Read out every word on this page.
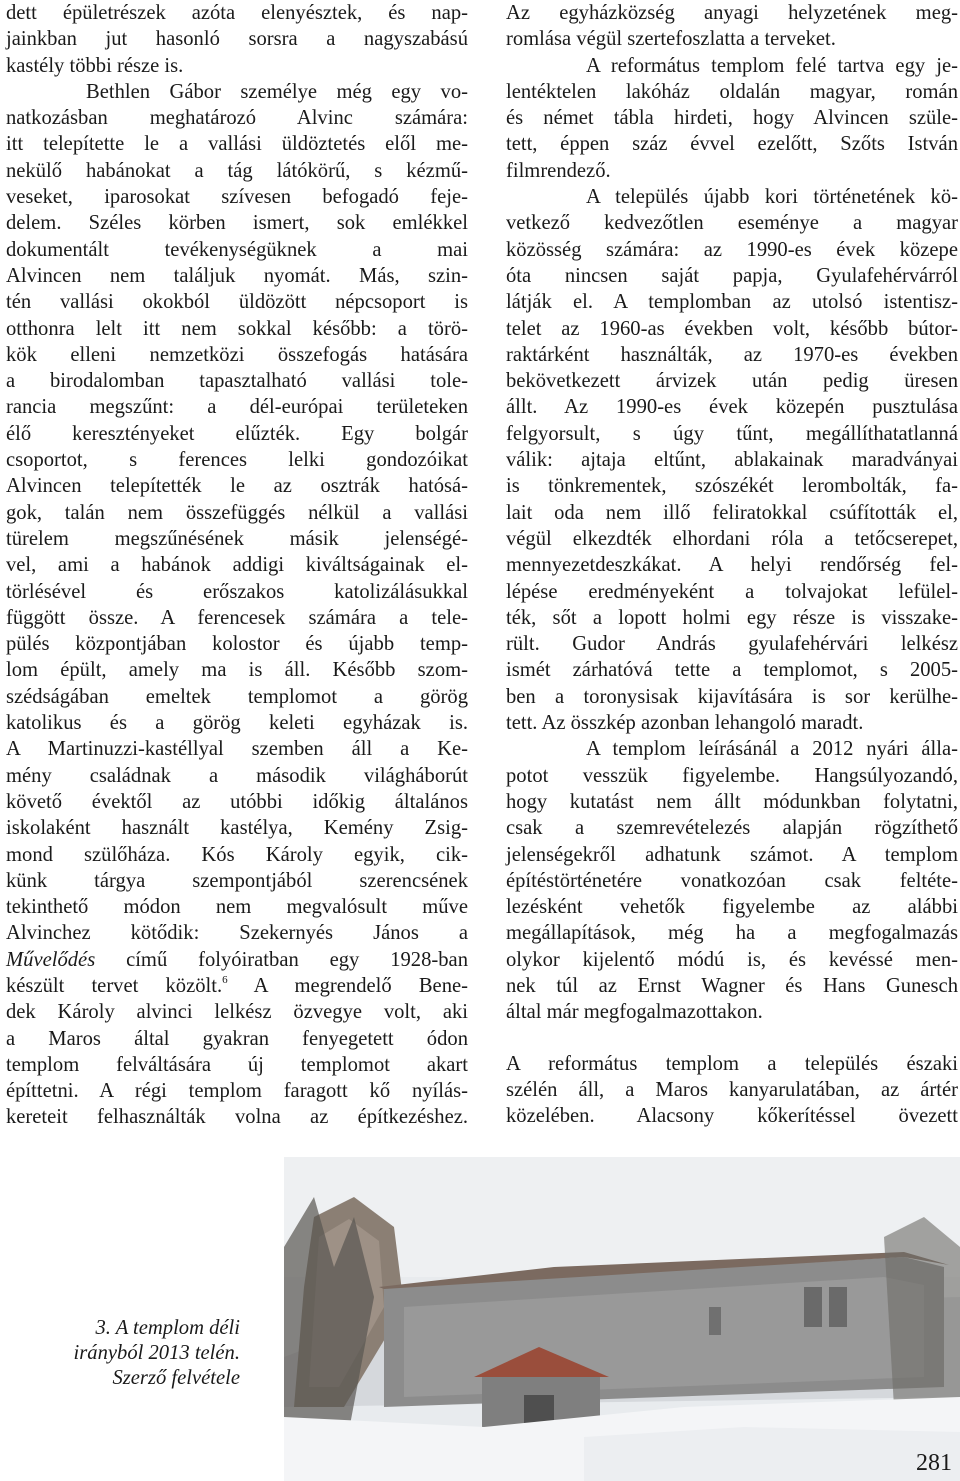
dett épületrészek azóta elenyésztek, és nap-
jainkban jut hasonló sorsra a nagyszabású
kastély többi része is.
Bethlen Gábor személye még egy vo-
natkozásban meghatározó Alvinc számára:
itt telepítette le a vallási üldöztetés elől me-
nekülő habánokat a tág látókörű, s kézmű-
veseket, iparosokat szívesen befogadó feje-
delem. Széles körben ismert, sok emlékkel
dokumentált tevékenységüknek a mai
Alvincen nem találjuk nyomát. Más, szin-
tén vallási okokból üldözött népcsoport is
otthonra lelt itt nem sokkal később: a törö-
kök elleni nemzetközi összefogás hatására
a birodalomban tapasztalható vallási tole-
rancia megszűnt: a dél-európai területeken
élő keresztényeket elűzték. Egy bolgár
csoportot, s ferences lelki gondozóikat
Alvincen telepítették le az osztrák hatósá-
gok, talán nem összefüggés nélkül a vallási
türelem megszűnésének másik jelenségé-
vel, ami a habánok addigi kiváltságainak el-
törlésével és erőszakos katolizálásukkal
függött össze. A ferencesek számára a tele-
pülés központjában kolostor és újabb temp-
lom épült, amely ma is áll. Később szom-
szédságában emeltek templomot a görög
katolikus és a görög keleti egyházak is.
A Martinuzzi-kastéllyal szemben áll a Ke-
mény családnak a második világháborút
követő évektől az utóbbi időkig általános
iskolaként használt kastélya, Kemény Zsig-
mond szülőháza. Kós Károly egyik, cik-
künk tárgya szempontjából szerencsének
tekinthető módon nem megvalósult műve
Alvinchez kötődik: Szekernyés János a
Művelődés című folyóiratban egy 1928-ban
készült tervet közölt.$^6$ A megrendelő Bene-
dek Károly alvinci lelkész özvegye volt, aki
a Maros által gyakran fenyegetett ódon
templom felváltására új templomot akart
építtetni. A régi templom faragott kő nyílás-
kereteit felhasználták volna az építkezéshez.
Az egyházközség anyagi helyzetének meg-
romlása végül szertefoszlatta a terveket.
A református templom felé tartva egy je-
lentéktelen lakóház oldalán magyar, román
és német tábla hirdeti, hogy Alvincen szüle-
tett, éppen száz évvel ezelőtt, Szőts István
filmrendező.
A település újabb kori történetének kö-
vetkező kedvezőtlen eseménye a magyar
közösség számára: az 1990-es évek közepe
óta nincsen saját papja, Gyulafehérvárról
látják el. A templomban az utolsó istentisz-
telet az 1960-as években volt, később bútor-
raktárként használták, az 1970-es években
bekövetkezett árvizek után pedig üresen
állt. Az 1990-es évek közepén pusztulása
felgyorsult, s úgy tűnt, megállíthatatlanná
válik: ajtaja eltűnt, ablakainak maradványai
is tönkrementek, szószékét lerombolták, fa-
lait oda nem illő feliratokkal csúfították el,
végül elkezdték elhordani róla a tetőcserepet,
mennyezetdeszkákat. A helyi rendőrség fel-
lépése eredményeként a tolvajokat lefülel-
ték, sőt a lopott holmi egy része is visszake-
rült. Gudor András gyulafehérvári lelkész
ismét zárhatóvá tette a templomot, s 2005-
ben a toronysisak kijavítására is sor kerülhe-
tett. Az összkép azonban lehangoló maradt.
A templom leírásánál a 2012 nyári álla-
potot vesszük figyelembe. Hangsúlyozandó,
hogy kutatást nem állt módunkban folytatni,
csak a szemrevételezés alapján rögzíthető
jelenségekről adhatunk számot. A templom
építéstörténetére vonatkozóan csak feltéte-
lezésként vehetők figyelembe az alábbi
megállapítások, még ha a megfogalmazás
olykor kijelentő módú is, és kevéssé men-
nek túl az Ernst Wagner és Hans Gunesch
által már megfogalmazottakon.
A református templom a település északi
szélén áll, a Maros kanyarulatában, az ártér
közelében. Alacsony kőkerítéssel övezett
3. A templom déli
irányból 2013 telén.
Szerző felvétele
281
